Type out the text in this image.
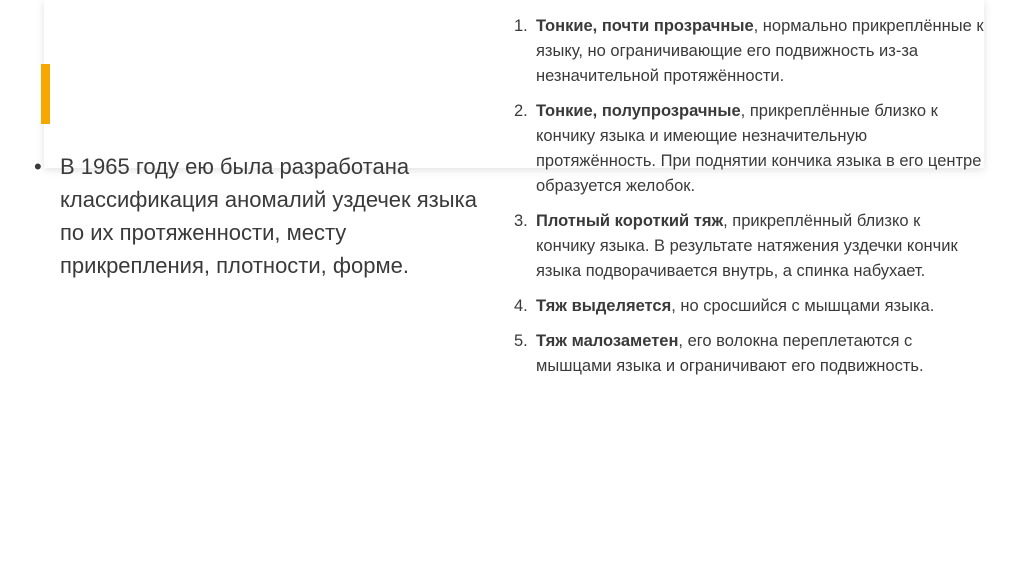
• В 1965 году ею была разработана классификация аномалий уздечек языка по их протяженности, месту прикрепления, плотности, форме.
1. Тонкие, почти прозрачные, нормально прикреплённые к языку, но ограничивающие его подвижность из-за незначительной протяжённости.
2. Тонкие, полупрозрачные, прикреплённые близко к кончику языка и имеющие незначительную протяжённость. При поднятии кончика языка в его центре образуется желобок.
3. Плотный короткий тяж, прикреплённый близко к кончику языка. В результате натяжения уздечки кончик языка подворачивается внутрь, а спинка набухает.
4. Тяж выделяется, но сросшийся с мышцами языка.
5. Тяж малозаметен, его волокна переплетаются с мышцами языка и ограничивают его подвижность.
